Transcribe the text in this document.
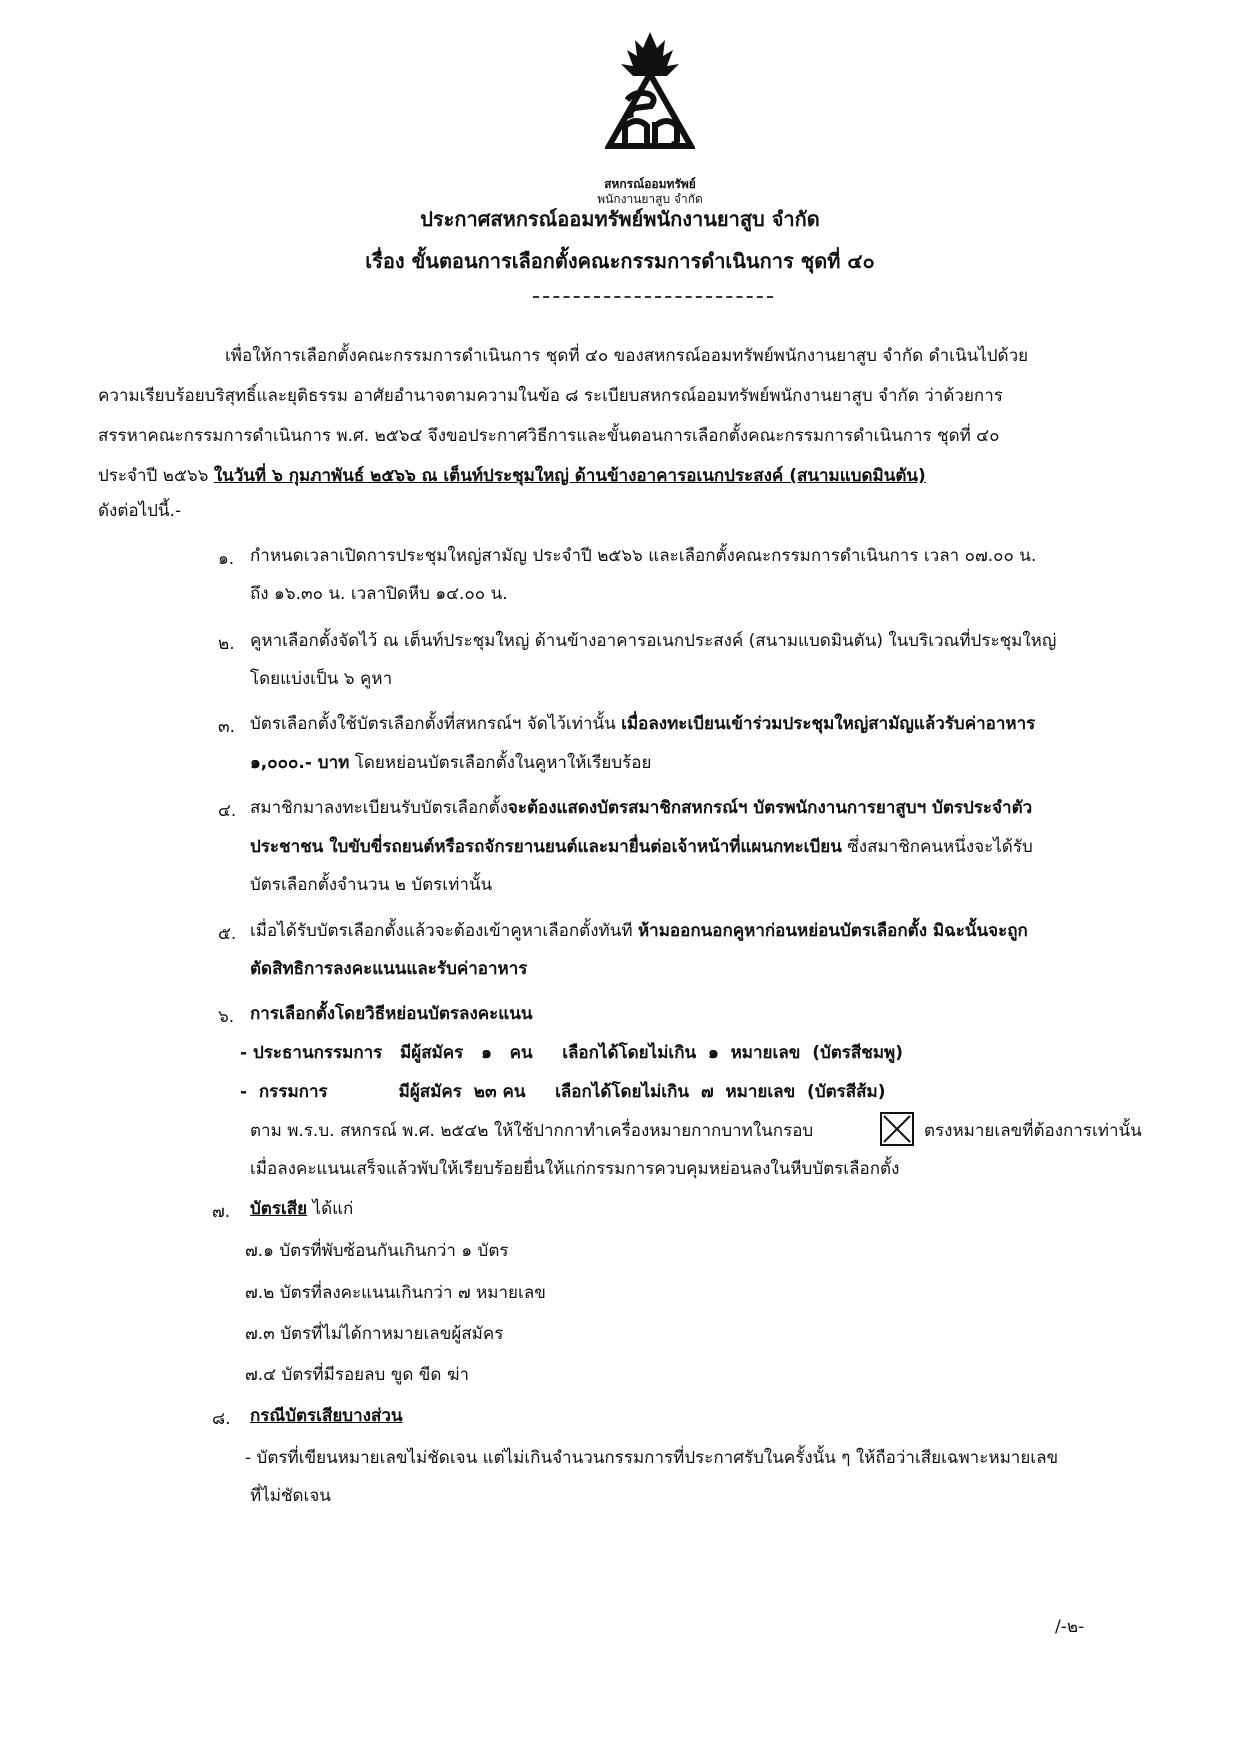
สหกรณ์ออมทรัพย์
พนักงานยาสูบ จำกัด
ประกาศสหกรณ์ออมทรัพย์พนักงานยาสูบ จำกัด
เรื่อง ขั้นตอนการเลือกตั้งคณะกรรมการดำเนินการ ชุดที่ ๔๐
เพื่อให้การเลือกตั้งคณะกรรมการดำเนินการ ชุดที่ ๔๐ ของสหกรณ์ออมทรัพย์พนักงานยาสูบ จำกัด ดำเนินไปด้วย
ความเรียบร้อยบริสุทธิ์และยุติธรรม อาศัยอำนาจตามความในข้อ ๘ ระเบียบสหกรณ์ออมทรัพย์พนักงานยาสูบ จำกัด ว่าด้วยการ
สรรหาคณะกรรมการดำเนินการ พ.ศ. ๒๕๖๔ จึงขอประกาศวิธีการและขั้นตอนการเลือกตั้งคณะกรรมการดำเนินการ ชุดที่ ๔๐
ประจำปี ๒๕๖๖ ในวันที่ ๖ กุมภาพันธ์ ๒๕๖๖ ณ เต็นท์ประชุมใหญ่ ด้านข้างอาคารอเนกประสงค์ (สนามแบดมินตัน)
ดังต่อไปนี้.-
๑. กำหนดเวลาเปิดการประชุมใหญ่สามัญ ประจำปี ๒๕๖๖ และเลือกตั้งคณะกรรมการดำเนินการ เวลา ๐๗.๐๐ น.
ถึง ๑๖.๓๐ น. เวลาปิดหีบ ๑๔.๐๐ น.
๒. คูหาเลือกตั้งจัดไว้ ณ เต็นท์ประชุมใหญ่ ด้านข้างอาคารอเนกประสงค์ (สนามแบดมินตัน) ในบริเวณที่ประชุมใหญ่
โดยแบ่งเป็น ๖ คูหา
๓. บัตรเลือกตั้งใช้บัตรเลือกตั้งที่สหกรณ์ฯ จัดไว้เท่านั้น เมื่อลงทะเบียนเข้าร่วมประชุมใหญ่สามัญแล้วรับค่าอาหาร
๑,๐๐๐.- บาท โดยหย่อนบัตรเลือกตั้งในคูหาให้เรียบร้อย
๔. สมาชิกมาลงทะเบียนรับบัตรเลือกตั้งจะต้องแสดงบัตรสมาชิกสหกรณ์ฯ บัตรพนักงานการยาสูบฯ บัตรประจำตัว
ประชาชน ใบขับขี่รถยนต์หรือรถจักรยานยนต์และมายื่นต่อเจ้าหน้าที่แผนกทะเบียน ซึ่งสมาชิกคนหนึ่งจะได้รับ
บัตรเลือกตั้งจำนวน ๒ บัตรเท่านั้น
๕. เมื่อได้รับบัตรเลือกตั้งแล้วจะต้องเข้าคูหาเลือกตั้งทันที ห้ามออกนอกคูหาก่อนหย่อนบัตรเลือกตั้ง มิฉะนั้นจะถูก
ตัดสิทธิการลงคะแนนและรับค่าอาหาร
๖. การเลือกตั้งโดยวิธีหย่อนบัตรลงคะแนน
- ประธานกรรมการ   มีผู้สมัคร   ๑   คน     เลือกได้โดยไม่เกิน  ๑  หมายเลข  (บัตรสีชมพู)
-  กรรมการ            มีผู้สมัคร  ๒๓ คน     เลือกได้โดยไม่เกิน  ๗  หมายเลข  (บัตรสีส้ม)
ตาม พ.ร.บ. สหกรณ์ พ.ศ. ๒๕๔๒ ให้ใช้ปากกาทำเครื่องหมายกากบาทในกรอบ	ตรงหมายเลขที่ต้องการเท่านั้น
เมื่อลงคะแนนเสร็จแล้วพับให้เรียบร้อยยื่นให้แก่กรรมการควบคุมหย่อนลงในหีบบัตรเลือกตั้ง
๗. บัตรเสีย ได้แก่
๗.๑ บัตรที่พับซ้อนกันเกินกว่า ๑ บัตร
๗.๒ บัตรที่ลงคะแนนเกินกว่า ๗ หมายเลข
๗.๓ บัตรที่ไม่ได้กาหมายเลขผู้สมัคร
๗.๔ บัตรที่มีรอยลบ ขูด ขีด ฆ่า
๘. กรณีบัตรเสียบางส่วน
- บัตรที่เขียนหมายเลขไม่ชัดเจน แต่ไม่เกินจำนวนกรรมการที่ประกาศรับในครั้งนั้น ๆ ให้ถือว่าเสียเฉพาะหมายเลข
ที่ไม่ชัดเจน
/-๒-
